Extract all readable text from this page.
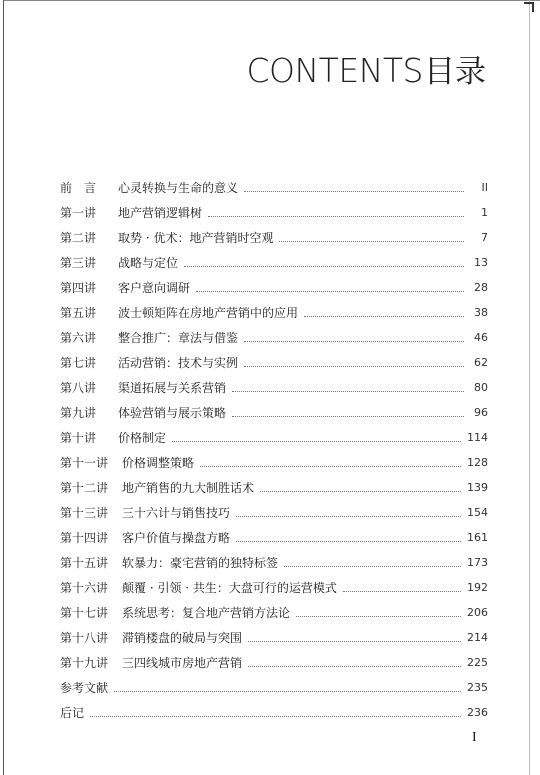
CONTENTS 目录
前　言 心灵转换与生命的意义	II
第一讲 地产营销逻辑树	1
第二讲 取势 · 优术：地产营销时空观	7
第三讲 战略与定位	13
第四讲 客户意向调研	28
第五讲 波士顿矩阵在房地产营销中的应用	38
第六讲 整合推广：章法与借鉴	46
第七讲 活动营销：技术与实例	62
第八讲 渠道拓展与关系营销	80
第九讲 体验营销与展示策略	96
第十讲 价格制定	114
第十一讲 价格调整策略	128
第十二讲 地产销售的九大制胜话术	139
第十三讲 三十六计与销售技巧	154
第十四讲 客户价值与操盘方略	161
第十五讲 软暴力：豪宅营销的独特标签	173
第十六讲 颠覆 · 引领 · 共生：大盘可行的运营模式	192
第十七讲 系统思考：复合地产营销方法论	206
第十八讲 滞销楼盘的破局与突围	214
第十九讲 三四线城市房地产营销	225
参考文献	235
后记	236
I
